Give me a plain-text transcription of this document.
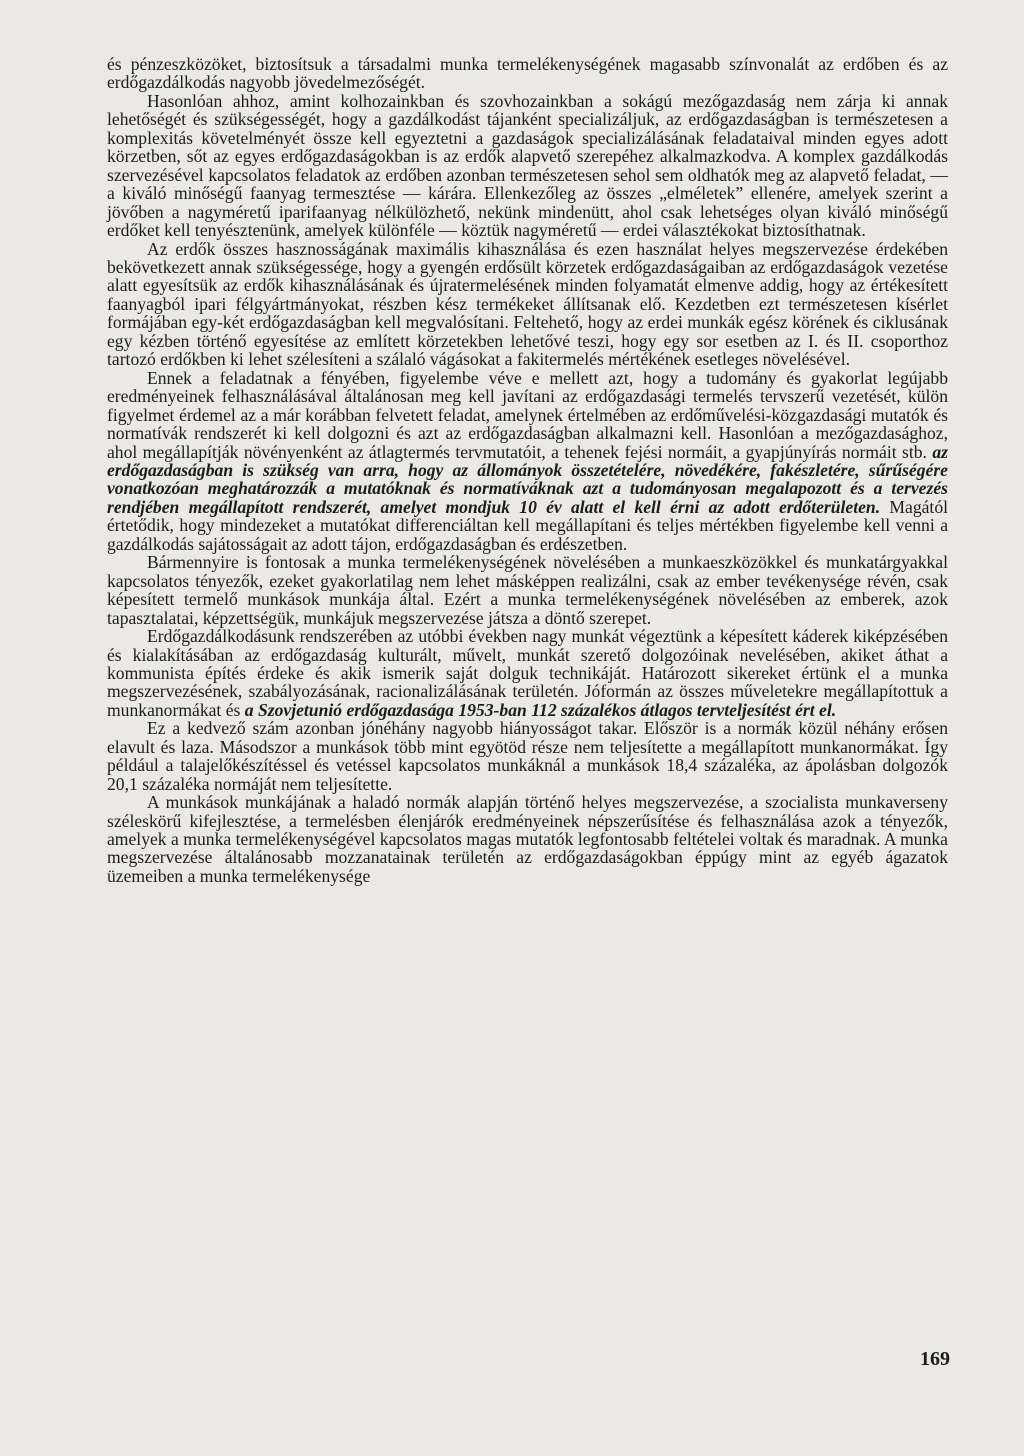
és pénzeszközöket, biztosítsuk a társadalmi munka termelékenységének magasabb színvonalát az erdőben és az erdőgazdálkodás nagyobb jövedelmezőségét.

Hasonlóan ahhoz, amint kolhozainkban és szovhozainkban a sokágú mezőgazdaság nem zárja ki annak lehetőségét és szükségességét, hogy a gazdálkodást tájanként specializáljuk, az erdőgazdaságban is természetesen a komplexitás követelményét össze kell egyeztetni a gazdaságok specializálásának feladataival minden egyes adott körzetben, sőt az egyes erdőgazdaságokban is az erdők alapvető szerepéhez alkalmazkodva. A komplex gazdálkodás szervezésével kapcsolatos feladatok az erdőben azonban természetesen sehol sem oldhatók meg az alapvető feladat, — a kiváló minőségű faanyag termesztése — kárára. Ellenkezőleg az összes „elméletek” ellenére, amelyek szerint a jövőben a nagyméretű iparifaanyag nélkülözhető, nekünk mindenütt, ahol csak lehetséges olyan kiváló minőségű erdőket kell tenyésztenünk, amelyek különféle — köztük nagyméretű — erdei választékokat biztosíthatnak.

Az erdők összes hasznosságának maximális kihasználása és ezen használat helyes megszervezése érdekében bekövetkezett annak szükségessége, hogy a gyengén erdősült körzetek erdőgazdaságaiban az erdőgazdaságok vezetése alatt egyesítsük az erdők kihasználásának és újratermelésének minden folyamatát elmenve addig, hogy az értékesített faanyagból ipari félgyártmányokat, részben kész termékeket állítsanak elő. Kezdetben ezt természetesen kísérlet formájában egy-két erdőgazdaságban kell megvalósítani. Feltehető, hogy az erdei munkák egész körének és ciklusának egy kézben történő egyesítése az említett körzetekben lehetővé teszi, hogy egy sor esetben az I. és II. csoporthoz tartozó erdőkben ki lehet szélesíteni a szálaló vágásokat a fakitermelés mértékének esetleges növelésével.

Ennek a feladatnak a fényében, figyelembe véve e mellett azt, hogy a tudomány és gyakorlat legújabb eredményeinek felhasználásával általánosan meg kell javítani az erdőgazdasági termelés tervszerű vezetését, külön figyelmet érdemel az a már korábban felvetett feladat, amelynek értelmében az erdőművelési-közgazdasági mutatók és normatívák rendszerét ki kell dolgozni és azt az erdőgazdaságban alkalmazni kell. Hasonlóan a mezőgazdasághoz, ahol megállapítják növényenként az átlagtermés tervmutatóit, a tehenek fejési normáit, a gyapjúnyírás normáit stb. az erdőgazdaságban is szükség van arra, hogy az állományok összetételére, növedékére, fakészletére, sűrűségére vonatkozóan meghatározzák a mutatóknak és normatíváknak azt a tudományosan megalapozott és a tervezés rendjében megállapított rendszerét, amelyet mondjuk 10 év alatt el kell érni az adott erdőterületen. Magától értetődik, hogy mindezeket a mutatókat differenciáltan kell megállapítani és teljes mértékben figyelembe kell venni a gazdálkodás sajátosságait az adott tájon, erdőgazdaságban és erdészetben.

Bármennyire is fontosak a munka termelékenységének növelésében a munkaeszközökkel és munkatárgyakkal kapcsolatos tényezők, ezeket gyakorlatilag nem lehet másképpen realizálni, csak az ember tevékenysége révén, csak képesített termelő munkások munkája által. Ezért a munka termelékenységének növelésében az emberek, azok tapasztalatai, képzettségük, munkájuk megszervezése játsza a döntő szerepet.

Erdőgazdálkodásunk rendszerében az utóbbi években nagy munkát végeztünk a képesített káderek kiképzésében és kialakításában az erdőgazdaság kulturált, művelt, munkát szerető dolgozóinak nevelésében, akiket áthat a kommunista építés érdeke és akik ismerik saját dolguk technikáját. Határozott sikereket értünk el a munka megszervezésének, szabályozásának, racionalizálásának területén. Jóformán az összes műveletekre megállapítottuk a munkanormákat és a Szovjetunió erdőgazdasága 1953-ban 112 százalékos átlagos tervteljesítést ért el.

Ez a kedvező szám azonban jónéhány nagyobb hiányosságot takar. Először is a normák közül néhány erősen elavult és laza. Másodszor a munkások több mint egyötöd része nem teljesítette a megállapított munkanormákat. Így például a talajelőkészítéssel és vetéssel kapcsolatos munkáknál a munkások 18,4 százaléka, az ápolásban dolgozók 20,1 százaléka normáját nem teljesítette.

A munkások munkájának a haladó normák alapján történő helyes megszervezése, a szocialista munkaverseny széleskörű kifejlesztése, a termelésben élenjárók eredményeinek népszerűsítése és felhasználása azok a tényezők, amelyek a munka termelékenységével kapcsolatos magas mutatók legfontosabb feltételei voltak és maradnak. A munka megszervezése általánosabb mozzanatainak területén az erdőgazdaságokban éppúgy mint az egyéb ágazatok üzemeiben a munka termelékenysége

169
